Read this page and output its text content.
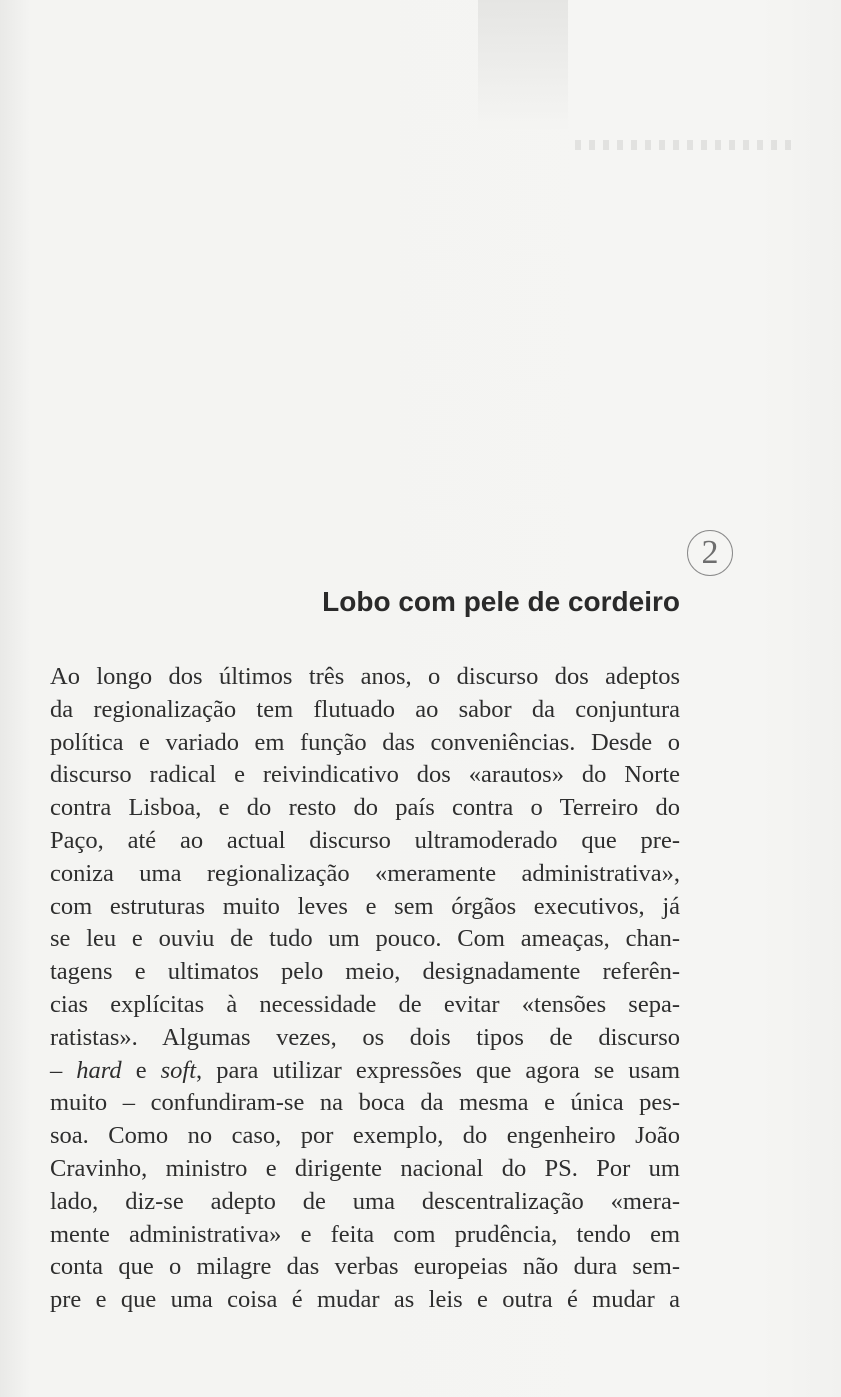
2
Lobo com pele de cordeiro
Ao longo dos últimos três anos, o discurso dos adeptos
da regionalização tem flutuado ao sabor da conjuntura
política e variado em função das conveniências. Desde o
discurso radical e reivindicativo dos «arautos» do Norte
contra Lisboa, e do resto do país contra o Terreiro do
Paço, até ao actual discurso ultramoderado que pre-
coniza uma regionalização «meramente administrativa»,
com estruturas muito leves e sem órgãos executivos, já
se leu e ouviu de tudo um pouco. Com ameaças, chan-
tagens e ultimatos pelo meio, designadamente referên-
cias explícitas à necessidade de evitar «tensões sepa-
ratistas». Algumas vezes, os dois tipos de discurso
– hard e soft, para utilizar expressões que agora se usam
muito – confundiram-se na boca da mesma e única pes-
soa. Como no caso, por exemplo, do engenheiro João
Cravinho, ministro e dirigente nacional do PS. Por um
lado, diz-se adepto de uma descentralização «mera-
mente administrativa» e feita com prudência, tendo em
conta que o milagre das verbas europeias não dura sem-
pre e que uma coisa é mudar as leis e outra é mudar a
